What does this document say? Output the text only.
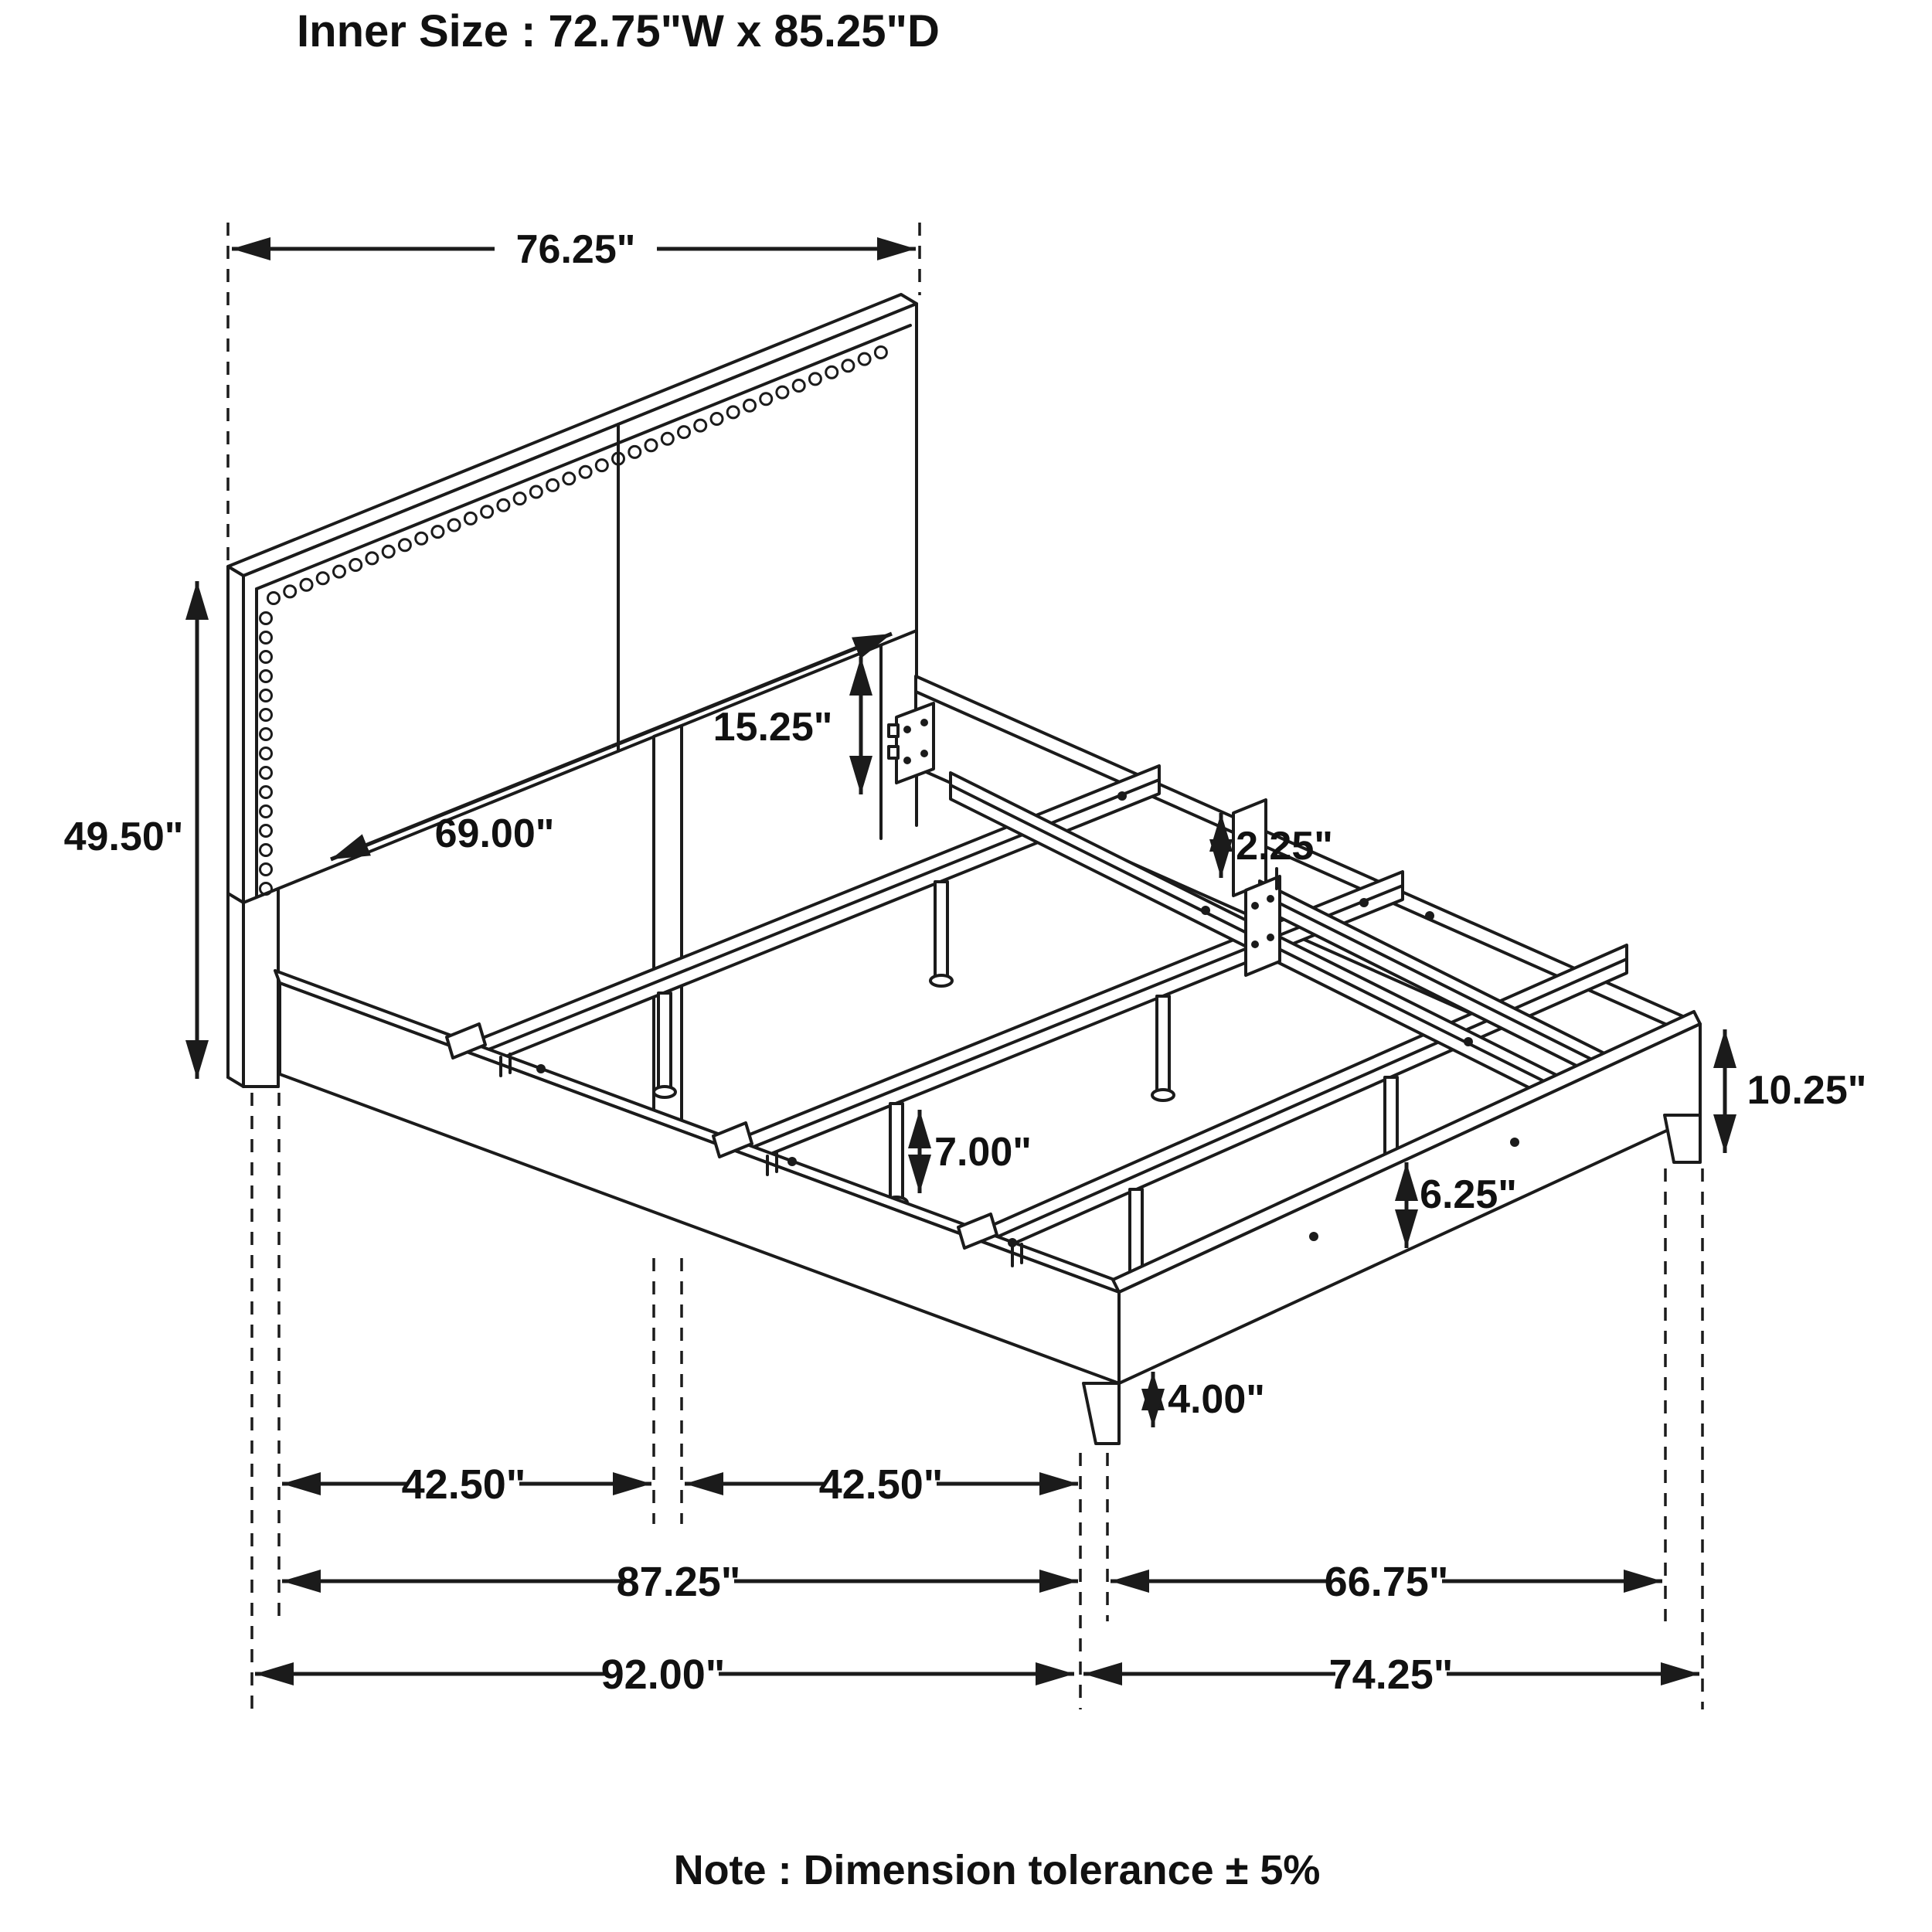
Inner Size : 72.75"W x 85.25"D
Note : Dimension tolerance ± 5%
76.25"
49.50"	69.00"
15.25"
2.25"
10.25"
7.00"
6.25"
4.00"
42.50"	42.50"
87.25"	66.75"
92.00"	74.25"
